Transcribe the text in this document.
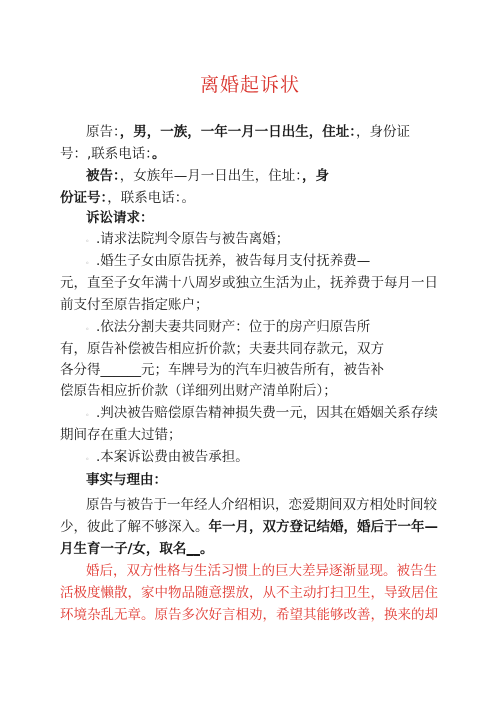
离婚起诉状
原告：，男，一族，一年一月一日出生，住址：，身份证
号：,联系电话：。
被告：，女族年—月一日出生，住址：，身
份证号：，联系电话：。
诉讼请求：
。 .请求法院判令原告与被告离婚；
。 .婚生子女由原告抚养，被告每月支付抚养费—
元，直至子女年满十八周岁或独立生活为止，抚养费于每月一日
前支付至原告指定账户；
。 .依法分割夫妻共同财产：位于的房产归原告所
有，原告补偿被告相应折价款；夫妻共同存款元，双方
各分得______元；车牌号为的汽车归被告所有，被告补
偿原告相应折价款（详细列出财产清单附后）；
。 .判决被告赔偿原告精神损失费一元，因其在婚姻关系存续
期间存在重大过错；
。 .本案诉讼费由被告承担。
事实与理由：
原告与被告于一年经人介绍相识，恋爱期间双方相处时间较
少，彼此了解不够深入。年一月，双方登记结婚，婚后于一年—
月生育一子/女，取名__。
婚后，双方性格与生活习惯上的巨大差异逐渐显现。被告生
活极度懒散，家中物品随意摆放，从不主动打扫卫生，导致居住
环境杂乱无章。原告多次好言相劝，希望其能够改善，换来的却
